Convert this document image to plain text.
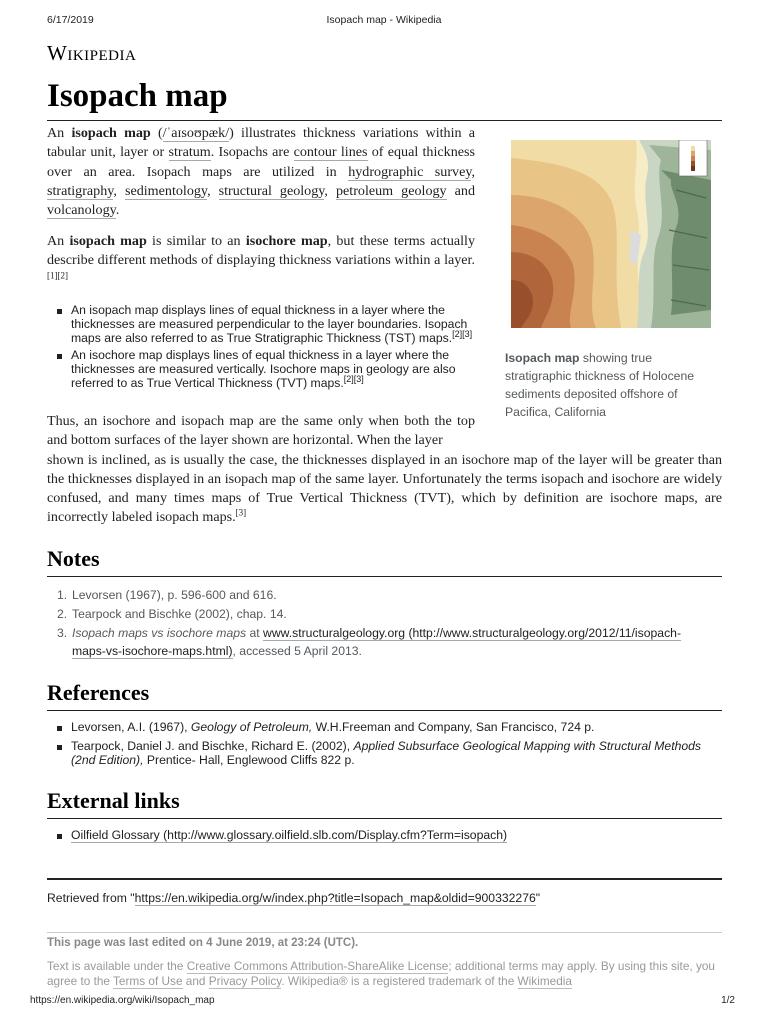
6/17/2019	Isopach map - Wikipedia
Wikipedia
Isopach map

An isopach map (/ˈaɪsoʊpæk/) illustrates thickness variations within a tabular unit, layer or stratum. Isopachs are contour lines of equal thickness over an area. Isopach maps are utilized in hydrographic survey, stratigraphy, sedimentology, structural geology, petroleum geology and volcanology.

An isopach map is similar to an isochore map, but these terms actually describe different methods of displaying thickness variations within a layer.[1][2]

An isopach map displays lines of equal thickness in a layer where the thicknesses are measured perpendicular to the layer boundaries. Isopach maps are also referred to as True Stratigraphic Thickness (TST) maps.[2][3]
An isochore map displays lines of equal thickness in a layer where the thicknesses are measured vertically. Isochore maps in geology are also referred to as True Vertical Thickness (TVT) maps.[2][3]
Isopach map showing true stratigraphic thickness of Holocene sediments deposited offshore of Pacifica, California

Thus, an isochore and isopach map are the same only when both the top and bottom surfaces of the layer shown are horizontal. When the layer
shown is inclined, as is usually the case, the thicknesses displayed in an isochore map of the layer will be greater than the thicknesses displayed in an isopach map of the same layer. Unfortunately the terms isopach and isochore are widely confused, and many times maps of True Vertical Thickness (TVT), which by definition are isochore maps, are incorrectly labeled isopach maps.[3]

Notes
1. Levorsen (1967), p. 596-600 and 616.
2. Tearpock and Bischke (2002), chap. 14.
3. Isopach maps vs isochore maps at www.structuralgeology.org (http://www.structuralgeology.org/2012/11/isopach-
maps-vs-isochore-maps.html), accessed 5 April 2013.
References
Levorsen, A.I. (1967), Geology of Petroleum, W.H.Freeman and Company, San Francisco, 724 p.
Tearpock, Daniel J. and Bischke, Richard E. (2002), Applied Subsurface Geological Mapping with Structural Methods (2nd Edition), Prentice- Hall, Englewood Cliffs 822 p.
External links
Oilfield Glossary (http://www.glossary.oilfield.slb.com/Display.cfm?Term=isopach)
Retrieved from "https://en.wikipedia.org/w/index.php?title=Isopach_map&oldid=900332276"
This page was last edited on 4 June 2019, at 23:24 (UTC).
Text is available under the Creative Commons Attribution-ShareAlike License; additional terms may apply. By using this site, you agree to the Terms of Use and Privacy Policy. Wikipedia® is a registered trademark of the Wikimedia
https://en.wikipedia.org/wiki/Isopach_map	1/2
